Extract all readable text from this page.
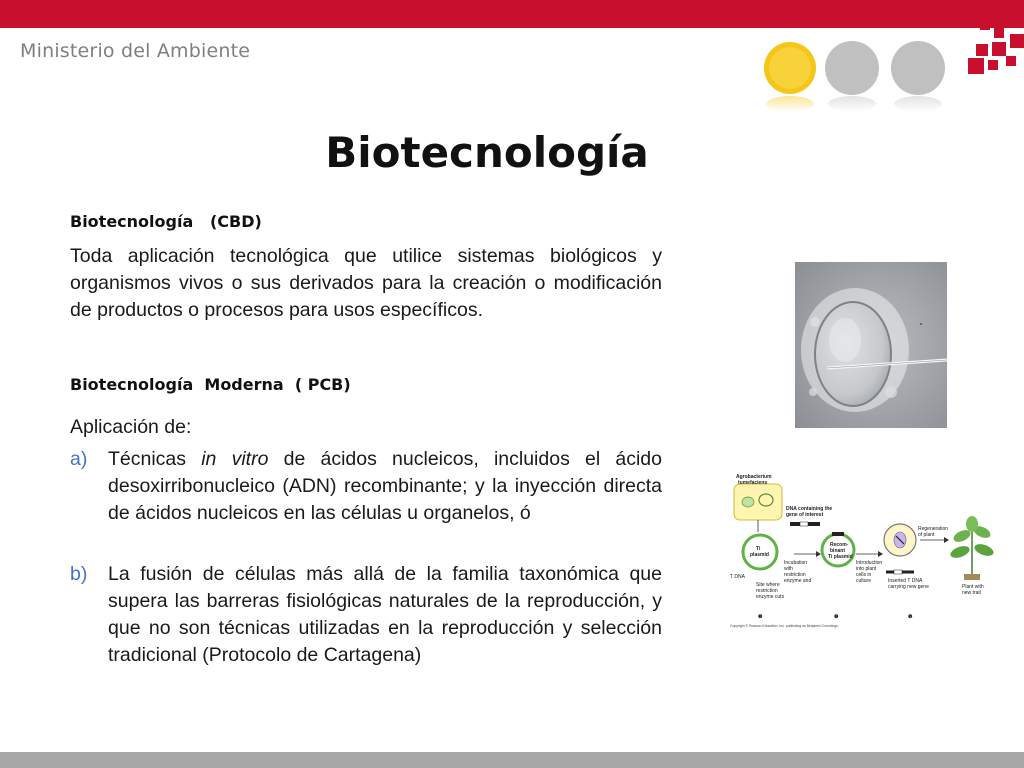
Ministerio del Ambiente
Biotecnología
Biotecnología   (CBD)

Toda aplicación tecnológica que utilice sistemas biológicos y organismos vivos o sus derivados para la creación o modificación de productos o procesos para usos específicos.

Biotecnología  Moderna  ( PCB)

Aplicación de:

a) Técnicas in vitro de ácidos nucleicos, incluidos el ácido desoxirribonucleico (ADN) recombinante; y la inyección directa de ácidos nucleicos en las células u organelos, ó
b) La fusión de células más allá de la familia taxonómica que supera las barreras fisiológicas naturales de la reproducción, y que no son técnicas utilizadas en la reproducción y selección tradicional (Protocolo de Cartagena)
Agrobacterium
tumefaciens
Ti
plasmid
T DNA
Site where
restriction
enzyme cuts
DNA containing the
gene of interest
Incubation
with
restriction
enzyme and
Recom-
binant
Ti plasmid
Introduction
into plant
cells in
culture	Inserted T DNA
carrying new gene
Regeneration
of plant
Plant with
new trait
❶	❷	❸
Copyright © Pearson Education, Inc. publishing as Benjamin Cummings.
